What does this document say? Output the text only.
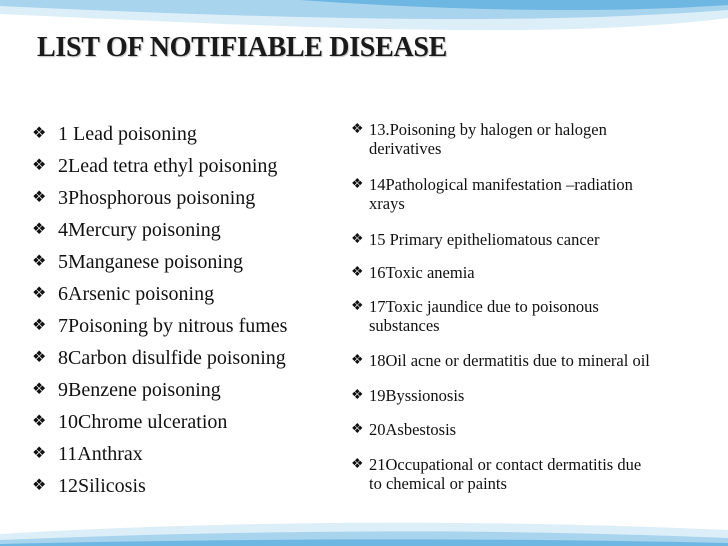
LIST OF NOTIFIABLE DISEASE
❖ 1 Lead poisoning
❖ 2Lead tetra ethyl poisoning
❖ 3Phosphorous poisoning
❖ 4Mercury poisoning
❖ 5Manganese poisoning
❖ 6Arsenic poisoning
❖ 7Poisoning by nitrous fumes
❖ 8Carbon disulfide poisoning
❖ 9Benzene poisoning
❖ 10Chrome ulceration
❖ 11Anthrax
❖ 12Silicosis
❖ 13.Poisoning by halogen or halogen
derivatives
❖ 14Pathological manifestation –radiation
xrays
❖ 15 Primary epitheliomatous cancer
❖ 16Toxic anemia
❖ 17Toxic jaundice due to poisonous
substances
❖ 18Oil acne or dermatitis due to mineral oil
❖ 19Byssionosis
❖ 20Asbestosis
❖ 21Occupational or contact dermatitis due
to chemical or paints
